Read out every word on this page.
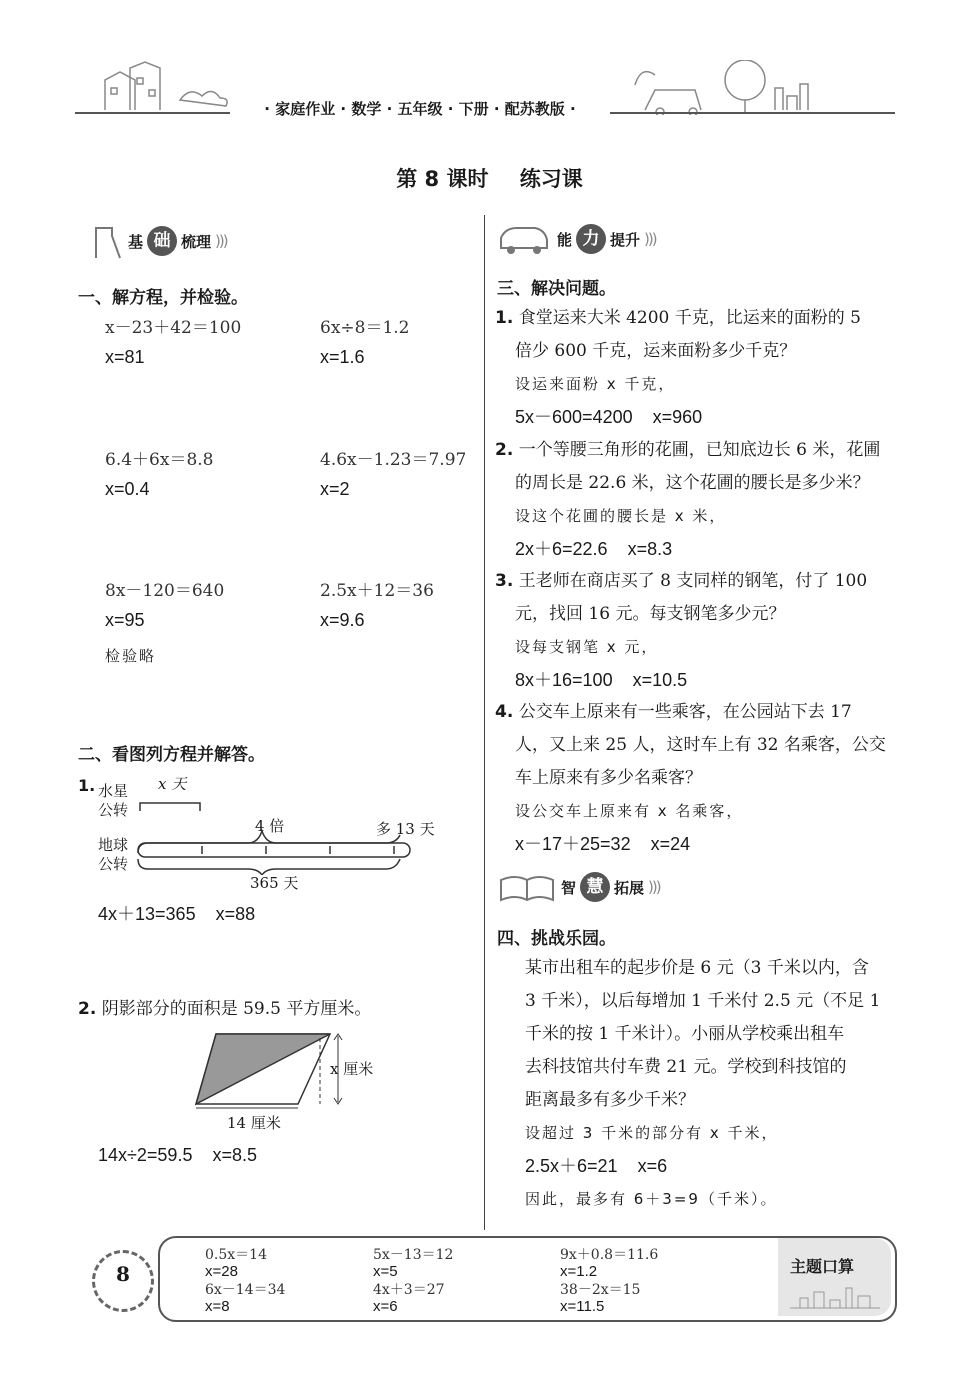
· 家庭作业 · 数学 · 五年级 · 下册 · 配苏教版 ·
第 8 课时 练习课
基 础 梳理 )))
一、解方程，并检验。
x－23＋42＝100
x=81
6x÷8＝1.2
x=1.6
6.4＋6x＝8.8
x=0.4
4.6x－1.23＝7.97
x=2
8x－120＝640
x=95
2.5x＋12＝36
x=9.6
检验略
二、看图列方程并解答。
1. 水星
公转
地球
公转
x 天
4 倍	多 13 天
365 天
4x＋13=365    x=88
2. 阴影部分的面积是 59.5 平方厘米。
x 厘米
14 厘米
14x÷2=59.5    x=8.5
能 力 提升 )))
三、解决问题。
1. 食堂运来大米 4200 千克，比运来的面粉的 5
倍少 600 千克，运来面粉多少千克？
设运来面粉 x 千克，
5x－600=4200    x=960
2. 一个等腰三角形的花圃，已知底边长 6 米，花圃
的周长是 22.6 米，这个花圃的腰长是多少米？
设这个花圃的腰长是 x 米，
2x＋6=22.6    x=8.3
3. 王老师在商店买了 8 支同样的钢笔，付了 100
元，找回 16 元。每支钢笔多少元？
设每支钢笔 x 元，
8x＋16=100    x=10.5
4. 公交车上原来有一些乘客，在公园站下去 17
人，又上来 25 人，这时车上有 32 名乘客，公交
车上原来有多少名乘客？
设公交车上原来有 x 名乘客，
x－17＋25=32    x=24
智 慧 拓展 )))
四、挑战乐园。
某市出租车的起步价是 6 元（3 千米以内，含
3 千米），以后每增加 1 千米付 2.5 元（不足 1
千米的按 1 千米计）。小丽从学校乘出租车
去科技馆共付车费 21 元。学校到科技馆的
距离最多有多少千米？
设超过 3 千米的部分有 x 千米，
2.5x＋6=21    x=6
因此，最多有 6＋3=9（千米）。
8
0.5x＝14
x=28
5x－13＝12
x=5
9x＋0.8＝11.6
x=1.2
6x－14＝34
x=8
4x＋3＝27
x=6
38－2x＝15
x=11.5
主题口算
